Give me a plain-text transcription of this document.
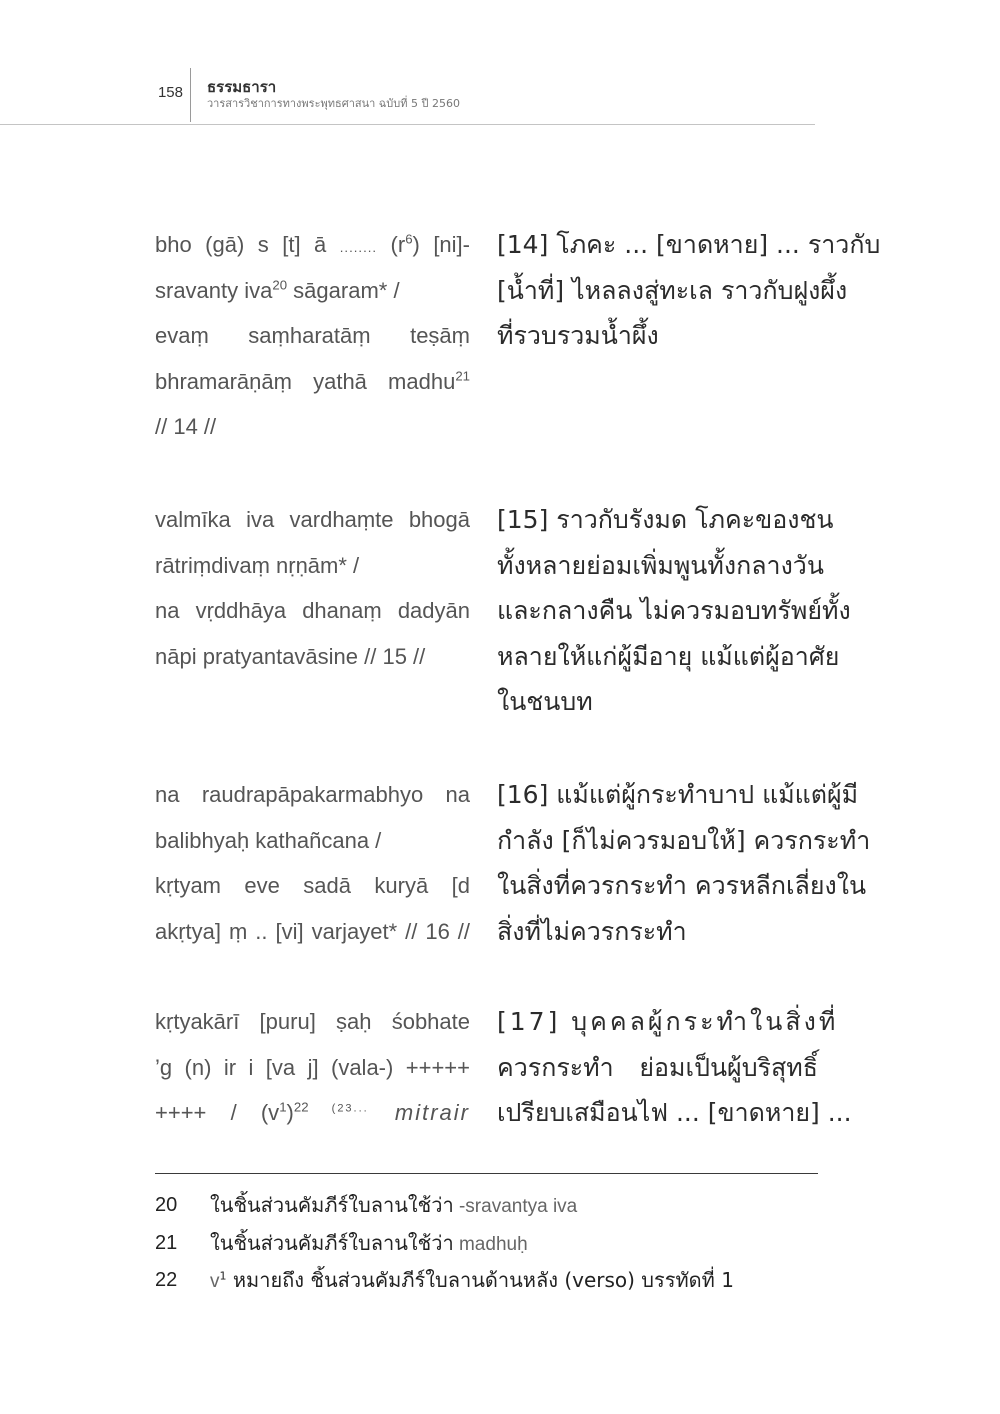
158 ธรรมธารา
วารสารวิชาการทางพระพุทธศาสนา ฉบับที่ 5 ปี 2560
bho (gā) s [t] ā ........ $(r^6)$ [ni]-
sravanty iva$^{20}$ sāgaram* /
evaṃ saṃharatāṃ teṣāṃ
bhramarāṇāṃ yathā madhu$^{21}$
// 14 //
[14] โภคะ ... [ขาดหาย] ... ราวกับ
[น้ำที่] ไหลลงสู่ทะเล ราวกับฝูงผึ้ง
ที่รวบรวมน้ำผึ้ง
valmīka iva vardhaṃte bhogā
rātriṃdivaṃ nṛṇām* /
na vṛddhāya dhanaṃ dadyān
nāpi pratyantavāsine // 15 //
[15] ราวกับรังมด โภคะของชน
ทั้งหลายย่อมเพิ่มพูนทั้งกลางวัน
และกลางคืน ไม่ควรมอบทรัพย์ทั้ง
หลายให้แก่ผู้มีอายุ แม้แต่ผู้อาศัย
ในชนบท
na raudrapāpakarmabhyo na
balibhyaḥ kathañcana /
kṛtyam eve sadā kuryā [d
akṛtya] ṃ .. [vi] varjayet* // 16 //
[16] แม้แต่ผู้กระทำบาป แม้แต่ผู้มี
กำลัง [ก็ไม่ควรมอบให้] ควรกระทำ
ในสิ่งที่ควรกระทำ ควรหลีกเลี่ยงใน
สิ่งที่ไม่ควรกระทำ
kṛtyakārī [puru] ṣaḥ śobhate
’g (n) ir i [va j] (vala-) +++++
++++ / $(v^1)^{22}$ $^{(23...}$ mitrair
[17] บุคคลผู้กระทำในสิ่งที่
ควรกระทำ ย่อมเป็นผู้บริสุทธิ์
เปรียบเสมือนไฟ ... [ขาดหาย] ...
20 ในชิ้นส่วนคัมภีร์ใบลานใช้ว่า -sravantya iva
21 ในชิ้นส่วนคัมภีร์ใบลานใช้ว่า madhuḥ
22 v$^1$ หมายถึง ชิ้นส่วนคัมภีร์ใบลานด้านหลัง (verso) บรรทัดที่ 1
